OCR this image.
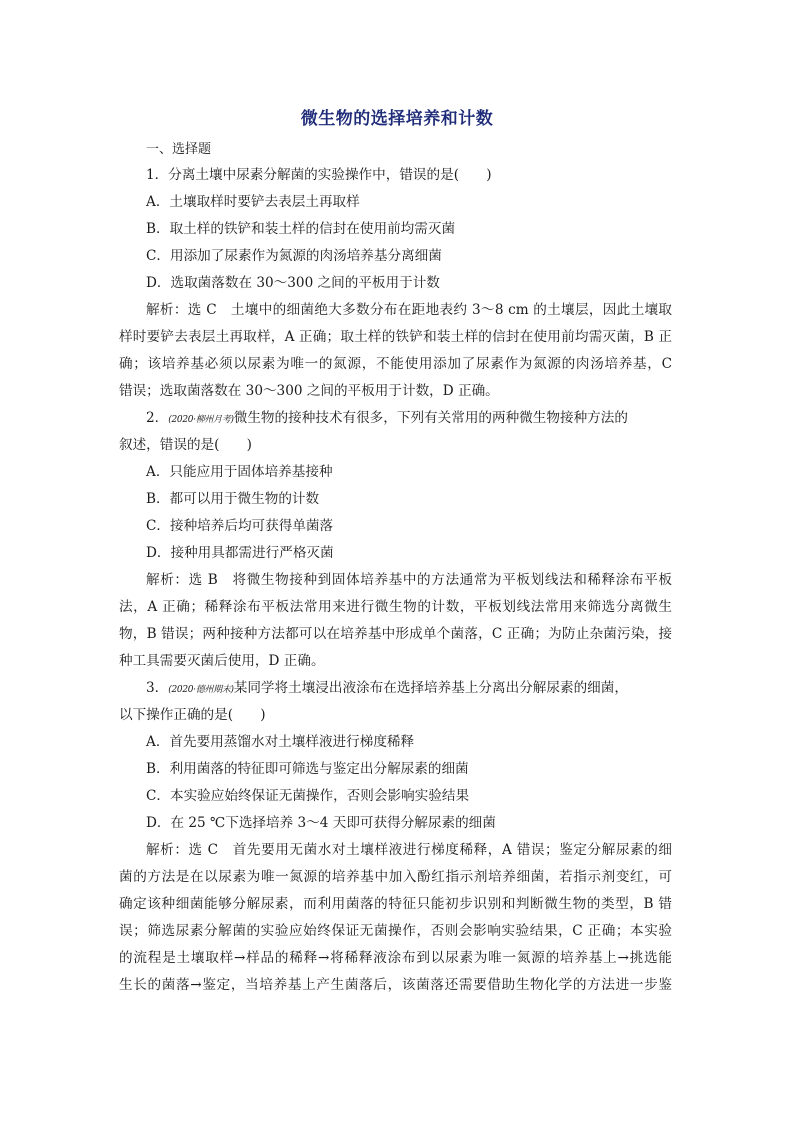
微生物的选择培养和计数
一、选择题
1．分离土壤中尿素分解菌的实验操作中，错误的是(　　)
A．土壤取样时要铲去表层土再取样
B．取土样的铁铲和装土样的信封在使用前均需灭菌
C．用添加了尿素作为氮源的肉汤培养基分离细菌
D．选取菌落数在 30～300 之间的平板用于计数
解析：选 C　土壤中的细菌绝大多数分布在距地表约 3～8 cm 的土壤层，因此土壤取
样时要铲去表层土再取样，A 正确；取土样的铁铲和装土样的信封在使用前均需灭菌，B 正
确；该培养基必须以尿素为唯一的氮源，不能使用添加了尿素作为氮源的肉汤培养基，C
错误；选取菌落数在 30～300 之间的平板用于计数，D 正确。
2．(2020·柳州月考)微生物的接种技术有很多，下列有关常用的两种微生物接种方法的
叙述，错误的是(　　)
A．只能应用于固体培养基接种
B．都可以用于微生物的计数
C．接种培养后均可获得单菌落
D．接种用具都需进行严格灭菌
解析：选 B　将微生物接种到固体培养基中的方法通常为平板划线法和稀释涂布平板
法，A 正确；稀释涂布平板法常用来进行微生物的计数，平板划线法常用来筛选分离微生
物，B 错误；两种接种方法都可以在培养基中形成单个菌落，C 正确；为防止杂菌污染，接
种工具需要灭菌后使用，D 正确。
3．(2020·德州期末)某同学将土壤浸出液涂布在选择培养基上分离出分解尿素的细菌，
以下操作正确的是(　　)
A．首先要用蒸馏水对土壤样液进行梯度稀释
B．利用菌落的特征即可筛选与鉴定出分解尿素的细菌
C．本实验应始终保证无菌操作，否则会影响实验结果
D．在 25 ℃下选择培养 3～4 天即可获得分解尿素的细菌
解析：选 C　首先要用无菌水对土壤样液进行梯度稀释，A 错误；鉴定分解尿素的细
菌的方法是在以尿素为唯一氮源的培养基中加入酚红指示剂培养细菌，若指示剂变红，可
确定该种细菌能够分解尿素，而利用菌落的特征只能初步识别和判断微生物的类型，B 错
误；筛选尿素分解菌的实验应始终保证无菌操作，否则会影响实验结果，C 正确；本实验
的流程是土壤取样→样品的稀释→将稀释液涂布到以尿素为唯一氮源的培养基上→挑选能
生长的菌落→鉴定，当培养基上产生菌落后，该菌落还需要借助生物化学的方法进一步鉴
